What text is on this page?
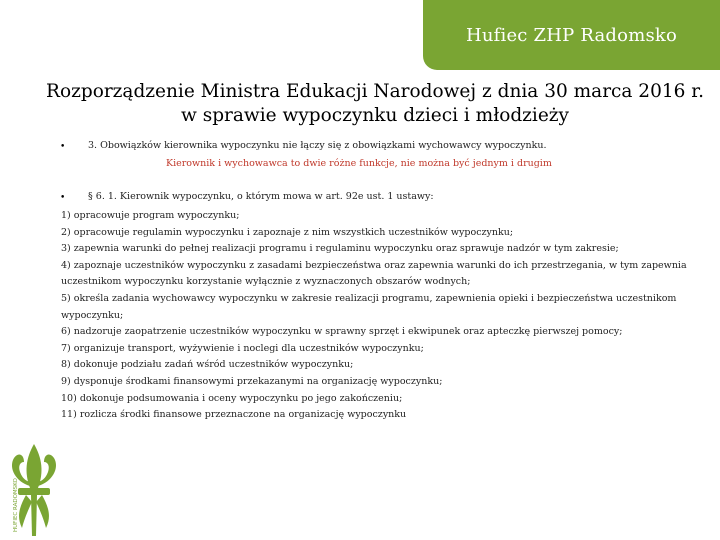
Hufiec ZHP Radomsko
Rozporządzenie Ministra Edukacji Narodowej z dnia 30 marca 2016 r.
w sprawie wypoczynku dzieci i młodzieży
• 3. Obowiązków kierownika wypoczynku nie łączy się z obowiązkami wychowawcy wypoczynku.
Kierownik i wychowawca to dwie różne funkcje, nie można być jednym i drugim
• § 6. 1. Kierownik wypoczynku, o którym mowa w art. 92e ust. 1 ustawy:
1) opracowuje program wypoczynku;
2) opracowuje regulamin wypoczynku i zapoznaje z nim wszystkich uczestników wypoczynku;
3) zapewnia warunki do pełnej realizacji programu i regulaminu wypoczynku oraz sprawuje nadzór w tym zakresie;
4) zapoznaje uczestników wypoczynku z zasadami bezpieczeństwa oraz zapewnia warunki do ich przestrzegania, w tym zapewnia uczestnikom wypoczynku korzystanie wyłącznie z wyznaczonych obszarów wodnych;
5) określa zadania wychowawcy wypoczynku w zakresie realizacji programu, zapewnienia opieki i bezpieczeństwa uczestnikom wypoczynku;
6) nadzoruje zaopatrzenie uczestników wypoczynku w sprawny sprzęt i ekwipunek oraz apteczkę pierwszej pomocy;
7) organizuje transport, wyżywienie i noclegi dla uczestników wypoczynku;
8) dokonuje podziału zadań wśród uczestników wypoczynku;
9) dysponuje środkami finansowymi przekazanymi na organizację wypoczynku;
10) dokonuje podsumowania i oceny wypoczynku po jego zakończeniu;
11) rozlicza środki finansowe przeznaczone na organizację wypoczynku
HUFIEC RADOMSKO
